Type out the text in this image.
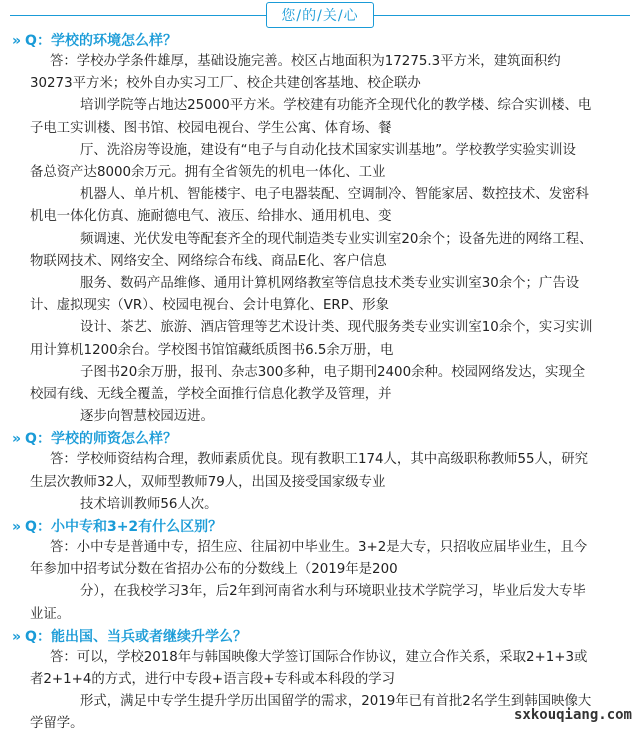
您/的/关/心
» Q：学校的环境怎么样？
答：学校办学条件雄厚，基础设施完善。校区占地面积为17275.3平方米，建筑面积约
30273平方米；校外自办实习工厂、校企共建创客基地、校企联办
培训学院等占地达25000平方米。学校建有功能齐全现代化的教学楼、综合实训楼、电
子电工实训楼、图书馆、校园电视台、学生公寓、体育场、餐
厅、洗浴房等设施，建设有“电子与自动化技术国家实训基地”。学校教学实验实训设
备总资产达8000余万元。拥有全省领先的机电一体化、工业
机器人、单片机、智能楼宇、电子电器装配、空调制冷、智能家居、数控技术、发密科
机电一体化仿真、施耐德电气、液压、给排水、通用机电、变
频调速、光伏发电等配套齐全的现代制造类专业实训室20余个；设备先进的网络工程、
物联网技术、网络安全、网络综合布线、商品E化、客户信息
服务、数码产品维修、通用计算机网络教室等信息技术类专业实训室30余个；广告设
计、虚拟现实（VR）、校园电视台、会计电算化、ERP、形象
设计、茶艺、旅游、酒店管理等艺术设计类、现代服务类专业实训室10余个，实习实训
用计算机1200余台。学校图书馆馆藏纸质图书6.5余万册，电
子图书20余万册，报刊、杂志300多种，电子期刊2400余种。校园网络发达，实现全
校园有线、无线全覆盖，学校全面推行信息化教学及管理，并
逐步向智慧校园迈进。
» Q：学校的师资怎么样？
答：学校师资结构合理，教师素质优良。现有教职工174人，其中高级职称教师55人，研究
生层次教师32人，双师型教师79人，出国及接受国家级专业
技术培训教师56人次。
» Q：小中专和3+2有什么区别？
答：小中专是普通中专，招生应、往届初中毕业生。3+2是大专，只招收应届毕业生，且今
年参加中招考试分数在省招办公布的分数线上（2019年是200
分），在我校学习3年，后2年到河南省水利与环境职业技术学院学习，毕业后发大专毕
业证。
» Q：能出国、当兵或者继续升学么？
答：可以，学校2018年与韩国映像大学签订国际合作协议，建立合作关系，采取2+1+3或
者2+1+4的方式，进行中专段+语言段+专科或本科段的学习
形式，满足中专学生提升学历出国留学的需求，2019年已有首批2名学生到韩国映像大
学留学。
sxkouqiang.com
